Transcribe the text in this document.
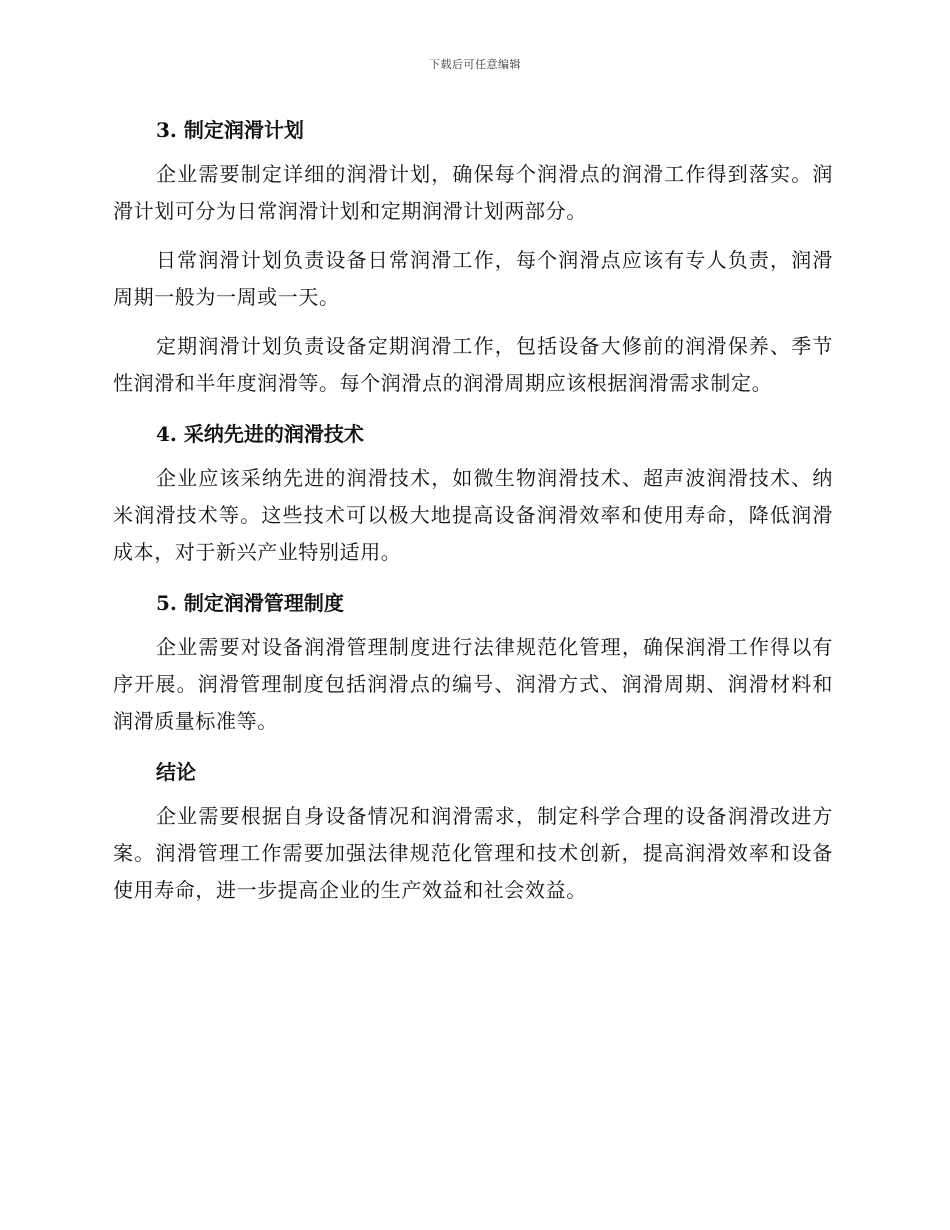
下载后可任意编辑
3. 制定润滑计划

企业需要制定详细的润滑计划，确保每个润滑点的润滑工作得到落实。润滑计划可分为日常润滑计划和定期润滑计划两部分。

日常润滑计划负责设备日常润滑工作，每个润滑点应该有专人负责，润滑周期一般为一周或一天。

定期润滑计划负责设备定期润滑工作，包括设备大修前的润滑保养、季节性润滑和半年度润滑等。每个润滑点的润滑周期应该根据润滑需求制定。

4. 采纳先进的润滑技术

企业应该采纳先进的润滑技术，如微生物润滑技术、超声波润滑技术、纳米润滑技术等。这些技术可以极大地提高设备润滑效率和使用寿命，降低润滑成本，对于新兴产业特别适用。

5. 制定润滑管理制度

企业需要对设备润滑管理制度进行法律规范化管理，确保润滑工作得以有序开展。润滑管理制度包括润滑点的编号、润滑方式、润滑周期、润滑材料和润滑质量标准等。

结论

企业需要根据自身设备情况和润滑需求，制定科学合理的设备润滑改进方案。润滑管理工作需要加强法律规范化管理和技术创新，提高润滑效率和设备使用寿命，进一步提高企业的生产效益和社会效益。
